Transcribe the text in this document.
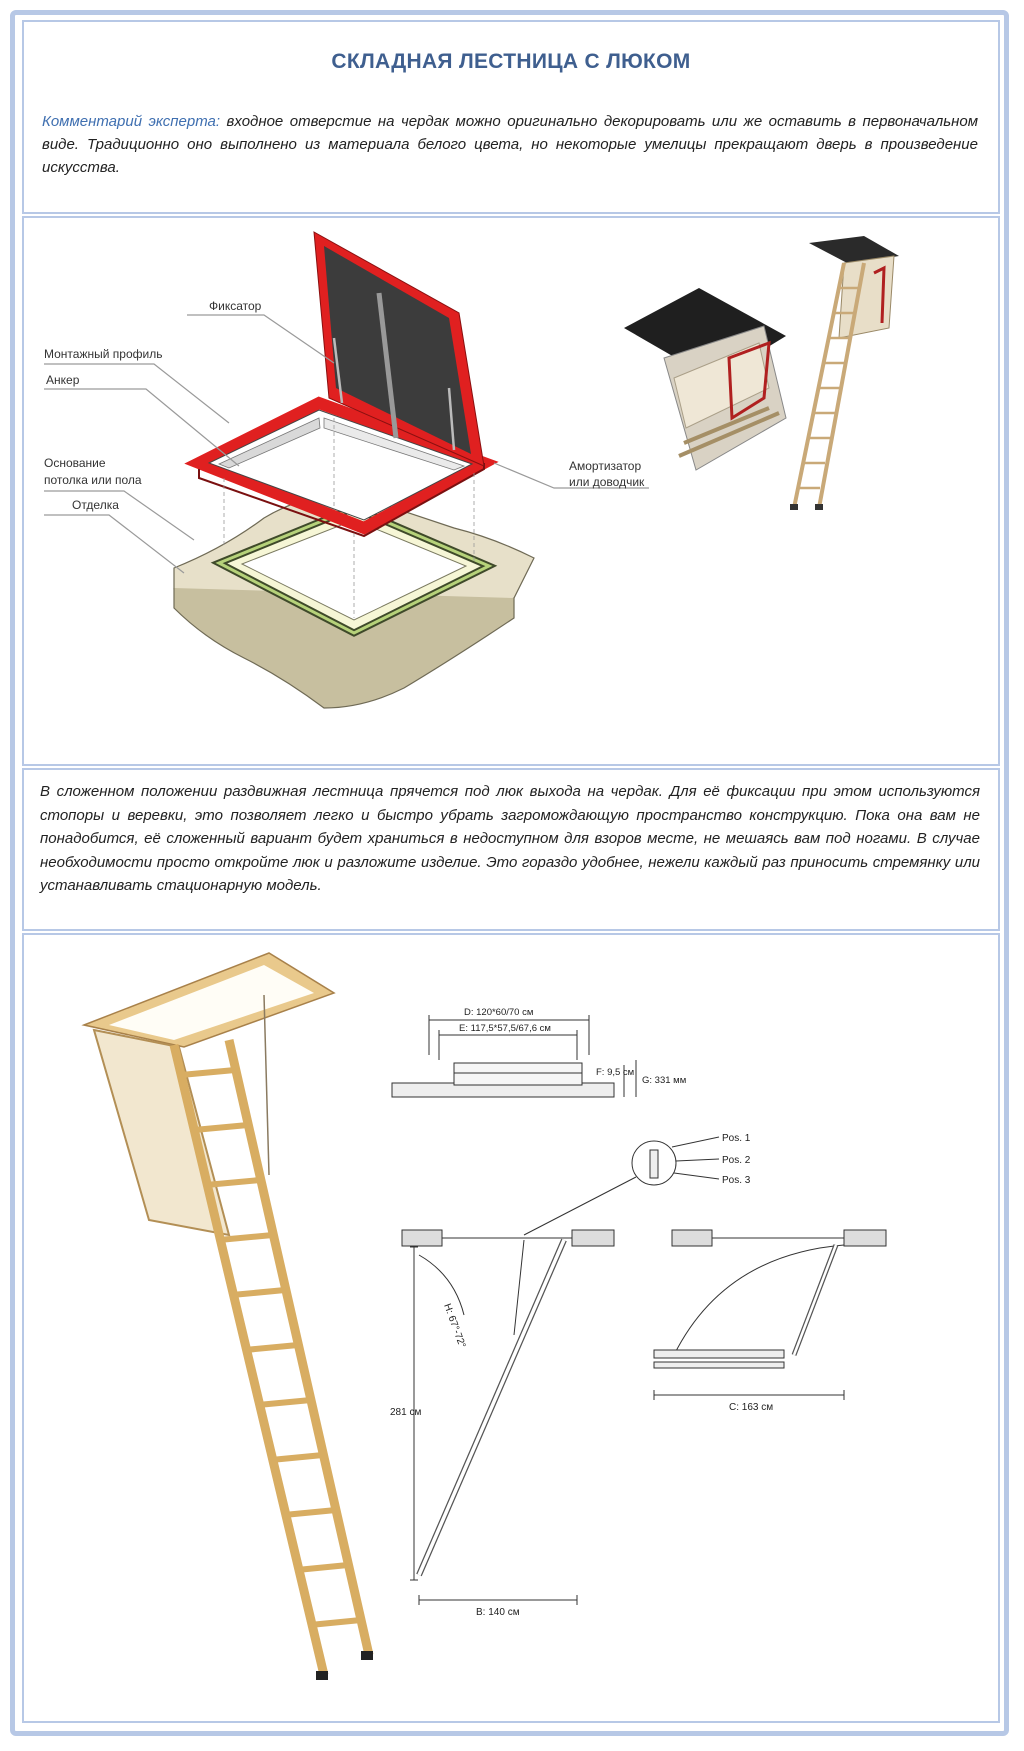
СКЛАДНАЯ ЛЕСТНИЦА С ЛЮКОМ
Комментарий эксперта: входное отверстие на чердак можно оригинально декорировать или же оставить в первоначальном виде. Традиционно оно выполнено из материала белого цвета, но некоторые умелицы прекращают дверь в произведение искусства.
Фиксатор
Монтажный профиль
Анкер
Основание
потолка или пола
Отделка
Амортизатор
или доводчик
В сложенном положении раздвижная лестница прячется под люк выхода на чердак. Для её фиксации при этом используются стопоры и веревки, это позволяет легко и быстро убрать загромождающую пространство конструкцию. Пока она вам не понадобится, её сложенный вариант будет храниться в недоступном для взоров месте, не мешаясь вам под ногами. В случае необходимости просто откройте люк и разложите изделие. Это гораздо удобнее, нежели каждый раз приносить стремянку или устанавливать стационарную модель.
D: 120*60/70 см
E: 117,5*57,5/67,6 см
F: 9,5 см
G: 331 мм
Pos. 1
Pos. 2
Pos. 3
H: 67°-72°
281 см
B: 140 см
C: 163 см
